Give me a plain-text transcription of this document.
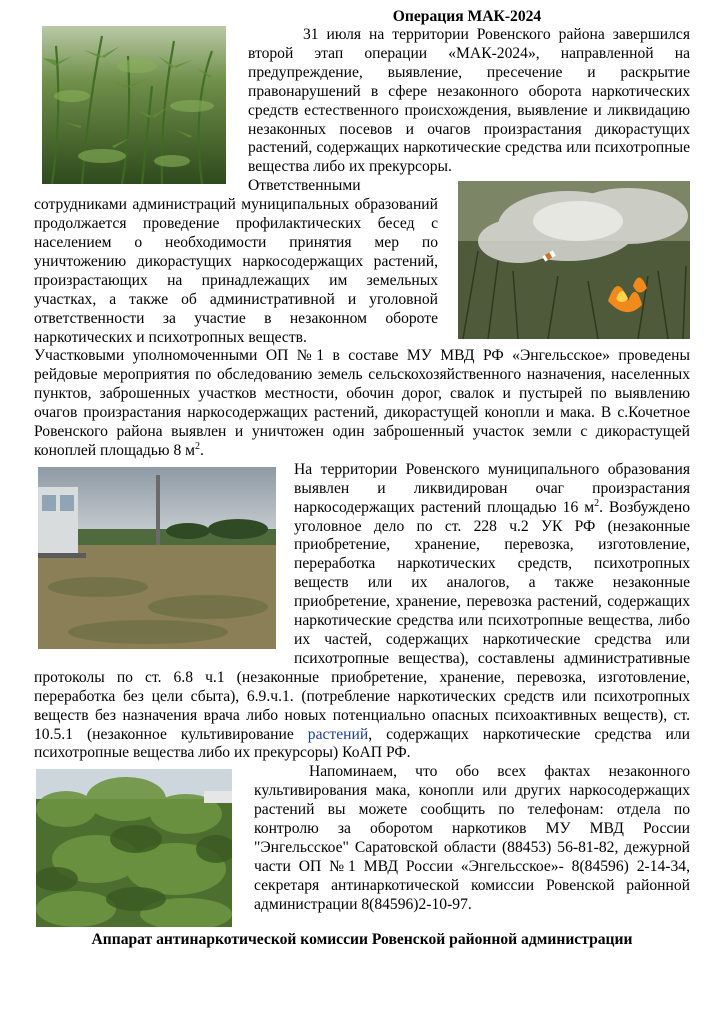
Операция МАК-2024

31 июля на территории Ровенского района завершился второй этап операции «МАК-2024», направленной на предупреждение, выявление, пресечение и раскрытие правонарушений в сфере незаконного оборота наркотических средств естественного происхождения, выявление и ликвидацию незаконных посевов и очагов произрастания дикорастущих растений, содержащих наркотические средства или психотропные вещества либо их прекурсоры.

Ответственными сотрудниками администраций муниципальных образований продолжается проведение профилактических бесед с населением о необходимости принятия мер по уничтожению дикорастущих наркосодержащих растений, произрастающих на принадлежащих им земельных участках, а также об административной и уголовной ответственности за участие в незаконном обороте наркотических и психотропных веществ.

Участковыми уполномоченными ОП №1 в составе МУ МВД РФ «Энгельсское» проведены рейдовые мероприятия по обследованию земель сельскохозяйственного назначения, населенных пунктов, заброшенных участков местности, обочин дорог, свалок и пустырей по выявлению очагов произрастания наркосодержащих растений, дикорастущей конопли и мака. В с.Кочетное Ровенского района выявлен и уничтожен один заброшенный участок земли с дикорастущей коноплей площадью 8 $м^2$.

На территории Ровенского муниципального образования выявлен и ликвидирован очаг произрастания наркосодержащих растений площадью 16 $м^2$. Возбуждено уголовное дело по ст. 228 ч.2 УК РФ (незаконные приобретение, хранение, перевозка, изготовление, переработка наркотических средств, психотропных веществ или их аналогов, а также незаконные приобретение, хранение, перевозка растений, содержащих наркотические средства или психотропные вещества, либо их частей, содержащих наркотические средства или психотропные вещества), составлены административные протоколы по ст. 6.8 ч.1 (незаконные приобретение, хранение, перевозка, изготовление, переработка без цели сбыта), 6.9.ч.1. (потребление наркотических средств или психотропных веществ без назначения врача либо новых потенциально опасных психоактивных веществ), ст. 10.5.1 (незаконное культивирование растений, содержащих наркотические средства или психотропные вещества либо их прекурсоры) КоАП РФ.

Напоминаем, что обо всех фактах незаконного культивирования мака, конопли или других наркосодержащих растений вы можете сообщить по телефонам: отдела по контролю за оборотом наркотиков МУ МВД России "Энгельсское" Саратовской области (88453) 56-81-82, дежурной части ОП №1 МВД России «Энгельсское»- 8(84596) 2-14-34, секретаря антинаркотической комиссии Ровенской районной администрации 8(84596)2-10-97.

Аппарат антинаркотической комиссии Ровенской районной администрации
